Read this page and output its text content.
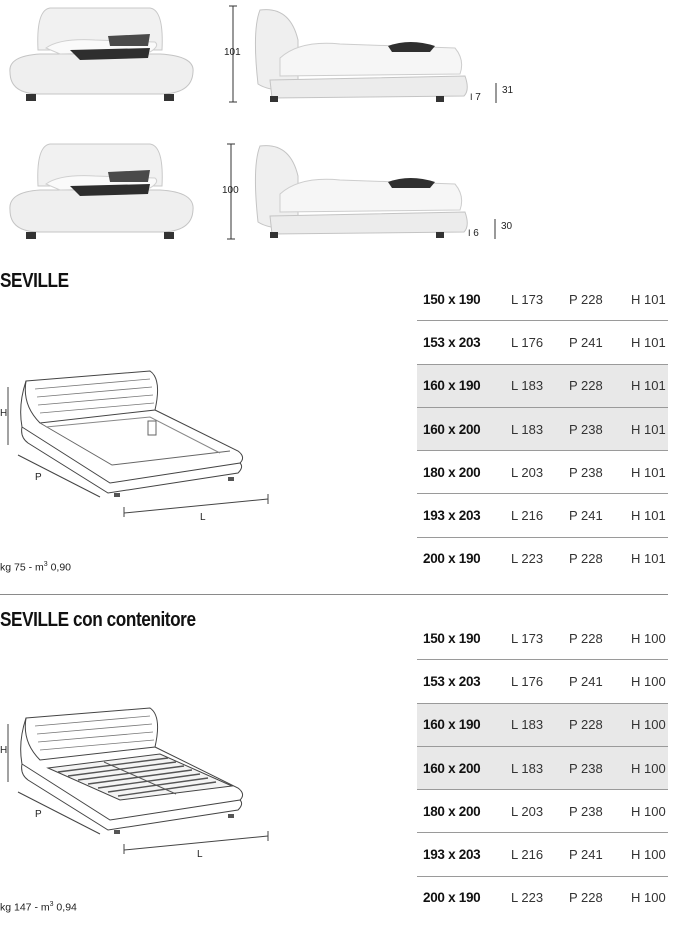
101
I 7
31
100
I 6
30
SEVILLE
H
P
L
kg $75 - m^3$ 0,90
150 x 190	L 173	P 228	H 101
153 x 203	L 176	P 241	H 101
160 x 190	L 183	P 228	H 101
160 x 200	L 183	P 238	H 101
180 x 200	L 203	P 238	H 101
193 x 203	L 216	P 241	H 101
200 x 190	L 223	P 228	H 101
SEVILLE con contenitore
H
P
L
kg $147 - m^3$ 0,94
150 x 190	L 173	P 228	H 100
153 x 203	L 176	P 241	H 100
160 x 190	L 183	P 228	H 100
160 x 200	L 183	P 238	H 100
180 x 200	L 203	P 238	H 100
193 x 203	L 216	P 241	H 100
200 x 190	L 223	P 228	H 100
